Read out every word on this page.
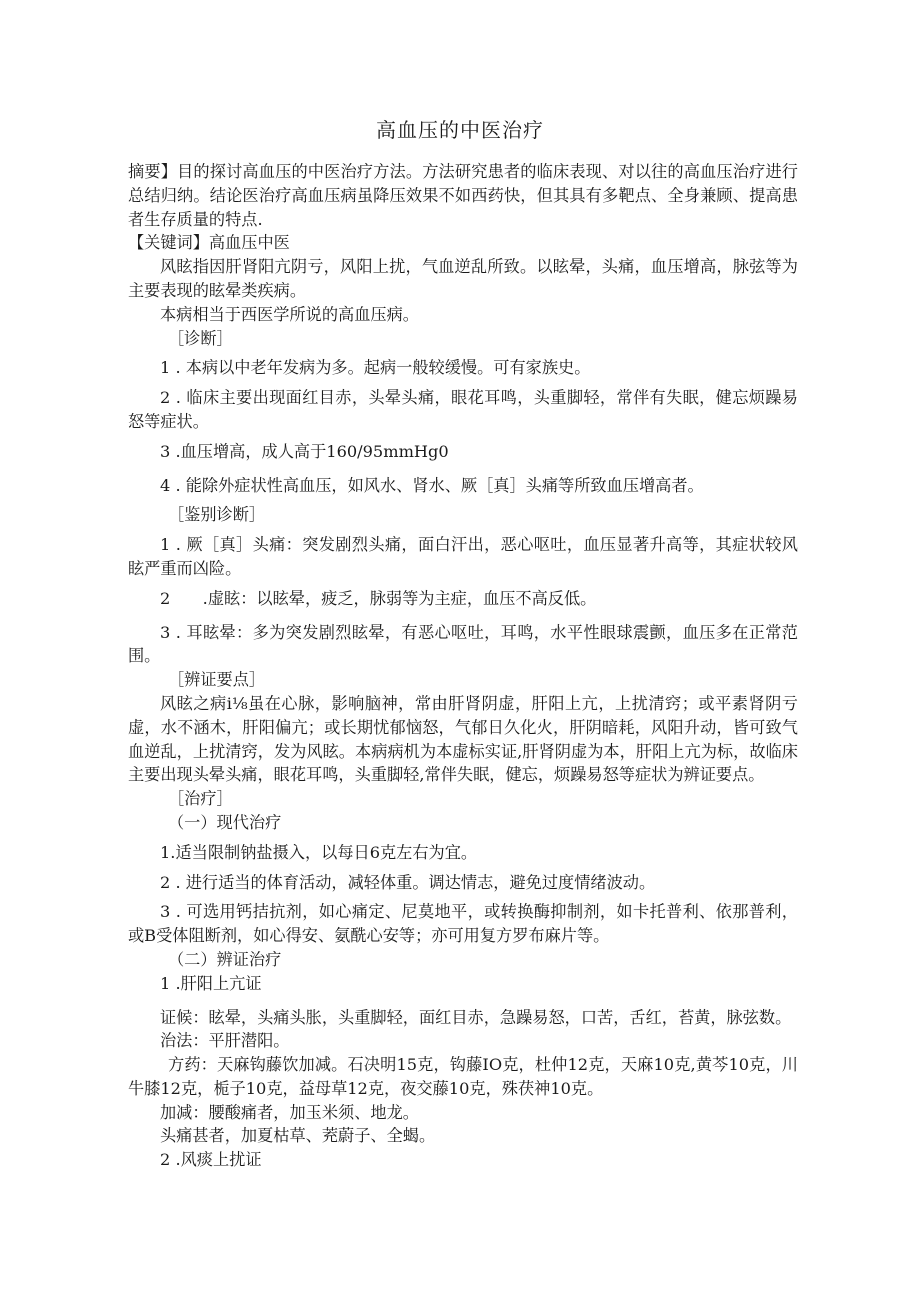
高血压的中医治疗

摘要】目的探讨高血压的中医治疗方法。方法研究患者的临床表现、对以往的高血压治疗进行总结归纳。结论医治疗高血压病虽降压效果不如西药快，但其具有多靶点、全身兼顾、提高患者生存质量的特点.

【关键词】高血压中医

风眩指因肝肾阳亢阴亏，风阳上扰，气血逆乱所致。以眩晕，头痛，血压增高，脉弦等为主要表现的眩晕类疾病。

本病相当于西医学所说的高血压病。

［诊断］

1 . 本病以中老年发病为多。起病一般较缓慢。可有家族史。

2 . 临床主要出现面红目赤，头晕头痛，眼花耳鸣，头重脚轻，常伴有失眠，健忘烦躁易怒等症状。

3 .血压增高，成人高于160∕95mmHg0

4 . 能除外症状性高血压，如风水、肾水、厥［真］头痛等所致血压增高者。

［鉴别诊断］

1 . 厥［真］头痛：突发剧烈头痛，面白汗出，恶心呕吐，血压显著升高等，其症状较风眩严重而凶险。

2　　.虚眩：以眩晕，疲乏，脉弱等为主症，血压不高反低。

3 . 耳眩晕：多为突发剧烈眩晕，有恶心呕吐，耳鸣，水平性眼球震颤，血压多在正常范围。

［辨证要点］

风眩之病i⅛虽在心脉，影响脑神，常由肝肾阴虚，肝阳上亢，上扰清窍；或平素肾阴亏虚，水不涵木，肝阳偏亢；或长期忧郁恼怒，气郁日久化火，肝阴暗耗，风阳升动，皆可致气血逆乱，上扰清窍，发为风眩。本病病机为本虚标实证,肝肾阴虚为本，肝阳上亢为标，故临床主要出现头晕头痛，眼花耳鸣，头重脚轻,常伴失眠，健忘，烦躁易怒等症状为辨证要点。

［治疗］

（一）现代治疗

1.适当限制钠盐摄入，以每日6克左右为宜。

2 . 进行适当的体育活动，减轻体重。调达情志，避免过度情绪波动。

3 . 可选用钙拮抗剂，如心痛定、尼莫地平，或转换酶抑制剂，如卡托普利、依那普利，或B受体阻断剂，如心得安、氨酰心安等；亦可用复方罗布麻片等。

（二）辨证治疗

1 .肝阳上亢证

证候：眩晕，头痛头胀，头重脚轻，面红目赤，急躁易怒，口苦，舌红，苔黄，脉弦数。

治法：平肝潜阳。

方药：天麻钩藤饮加减。石决明15克，钩藤IO克，杜仲12克，天麻10克,黄芩10克，川牛膝12克，栀子10克，益母草12克，夜交藤10克，殊茯神10克。

加减：腰酸痛者，加玉米须、地龙。

头痛甚者，加夏枯草、茺蔚子、全蝎。

2 .风痰上扰证
